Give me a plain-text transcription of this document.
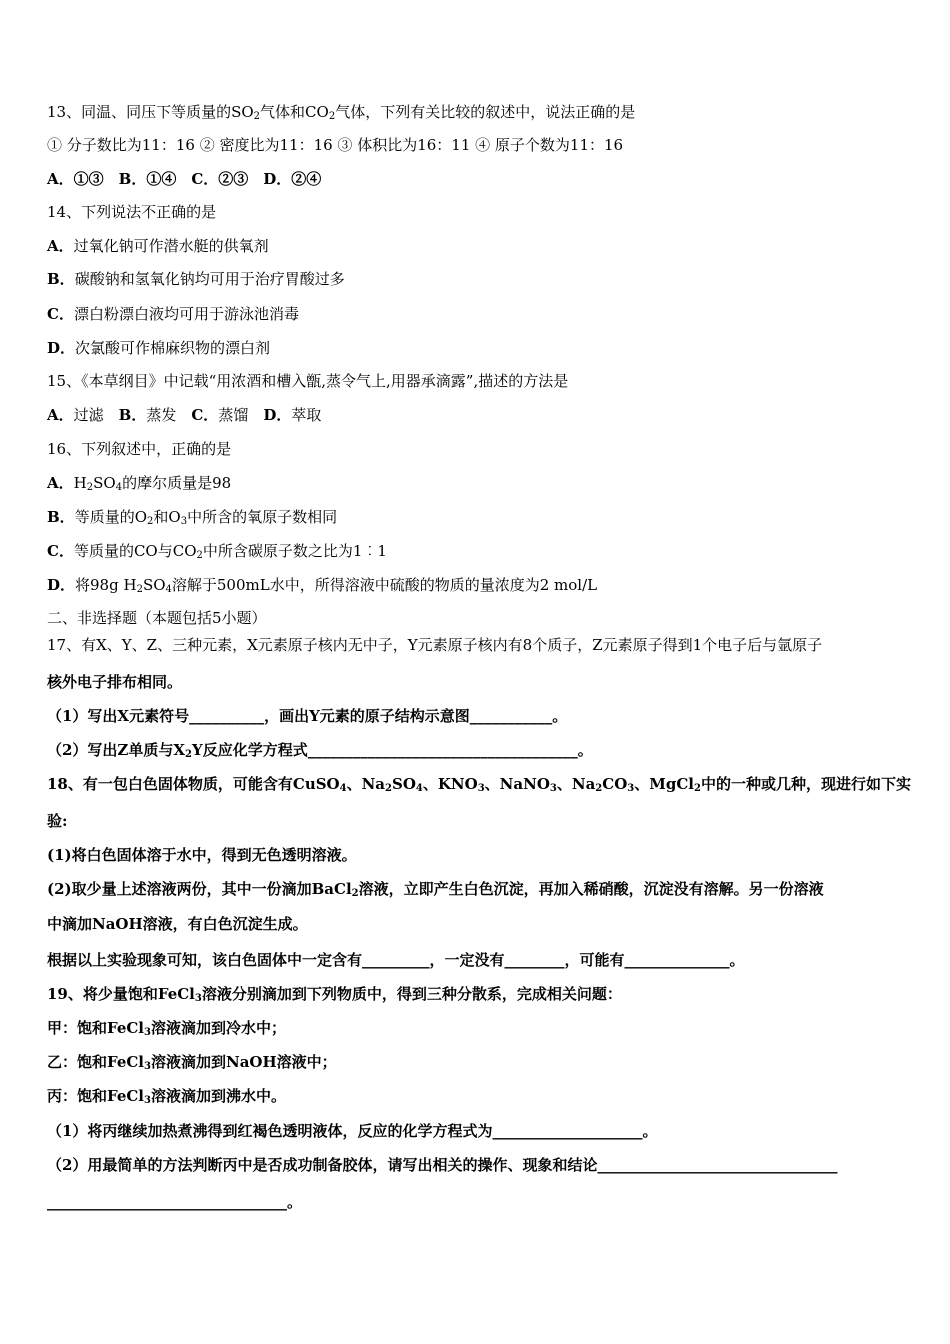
13、同温、同压下等质量的$SO_2$气体和$CO_2$气体，下列有关比较的叙述中，说法正确的是
① 分子数比为11：16 ② 密度比为11：16 ③ 体积比为16：11 ④ 原子个数为11：16
A．①③　B．①④　C．②③　D．②④
14、下列说法不正确的是
A．过氧化钠可作潜水艇的供氧剂
B．碳酸钠和氢氧化钠均可用于治疗胃酸过多
C．漂白粉漂白液均可用于游泳池消毒
D．次氯酸可作棉麻织物的漂白剂
15、《本草纲目》中记载“用浓酒和槽入甑,蒸令气上,用器承滴露”,描述的方法是
A．过滤　B．蒸发　C．蒸馏　D．萃取
16、下列叙述中，正确的是
A．$H_2SO_4$的摩尔质量是98
B．等质量的$O_2$和$O_3$中所含的氧原子数相同
C．等质量的CO与$CO_2$中所含碳原子数之比为1︰1
D．将98g $H_2SO_4$溶解于500mL水中，所得溶液中硫酸的物质的量浓度为2 mol/L
二、非选择题（本题包括5小题）
17、有X、Y、Z、三种元素，X元素原子核内无中子，Y元素原子核内有8个质子，Z元素原子得到1个电子后与氩原子
核外电子排布相同。
（1）写出X元素符号__________，画出Y元素的原子结构示意图___________。
（2）写出Z单质与$X_2Y$反应化学方程式____________________________________。
18、有一包白色固体物质，可能含有CuSO$_4$、$Na_2SO_4$、$KNO_3$、NaNO$_3$、$Na_2CO_3$、MgCl$_2$中的一种或几种，现进行如下实
验:
(1)将白色固体溶于水中，得到无色透明溶液。
(2)取少量上述溶液两份，其中一份滴加BaCl$_2$溶液，立即产生白色沉淀，再加入稀硝酸，沉淀没有溶解。另一份溶液
中滴加NaOH溶液，有白色沉淀生成。
根据以上实验现象可知，该白色固体中一定含有_________，一定没有________，可能有______________。
19、将少量饱和FeCl$_3$溶液分别滴加到下列物质中，得到三种分散系，完成相关问题：
甲：饱和FeCl$_3$溶液滴加到冷水中；
乙：饱和FeCl$_3$溶液滴加到NaOH溶液中；
丙：饱和FeCl$_3$溶液滴加到沸水中。
（1）将丙继续加热煮沸得到红褐色透明液体，反应的化学方程式为____________________。
（2）用最简单的方法判断丙中是否成功制备胶体，请写出相关的操作、现象和结论________________________________
________________________________。
